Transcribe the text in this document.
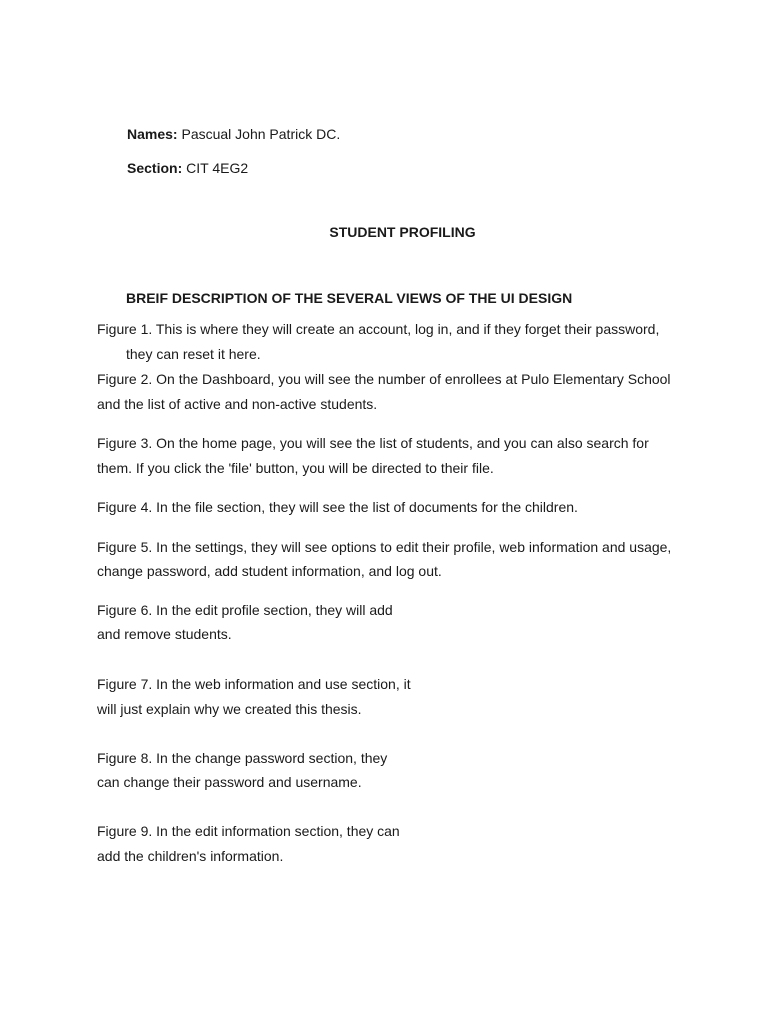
Names: Pascual John Patrick DC.
Section: CIT 4EG2
STUDENT PROFILING
BREIF DESCRIPTION OF THE SEVERAL VIEWS OF THE UI DESIGN
Figure 1. This is where they will create an account, log in, and if they forget their password,
they can reset it here.
Figure 2. On the Dashboard, you will see the number of enrollees at Pulo Elementary School
and the list of active and non-active students.
Figure 3. On the home page, you will see the list of students, and you can also search for
them. If you click the 'file' button, you will be directed to their file.
Figure 4. In the file section, they will see the list of documents for the children.
Figure 5. In the settings, they will see options to edit their profile, web information and usage,
change password, add student information, and log out.
Figure 6. In the edit profile section, they will add
and remove students.
Figure 7. In the web information and use section, it
will just explain why we created this thesis.
Figure 8. In the change password section, they
can change their password and username.
Figure 9. In the edit information section, they can
add the children's information.
